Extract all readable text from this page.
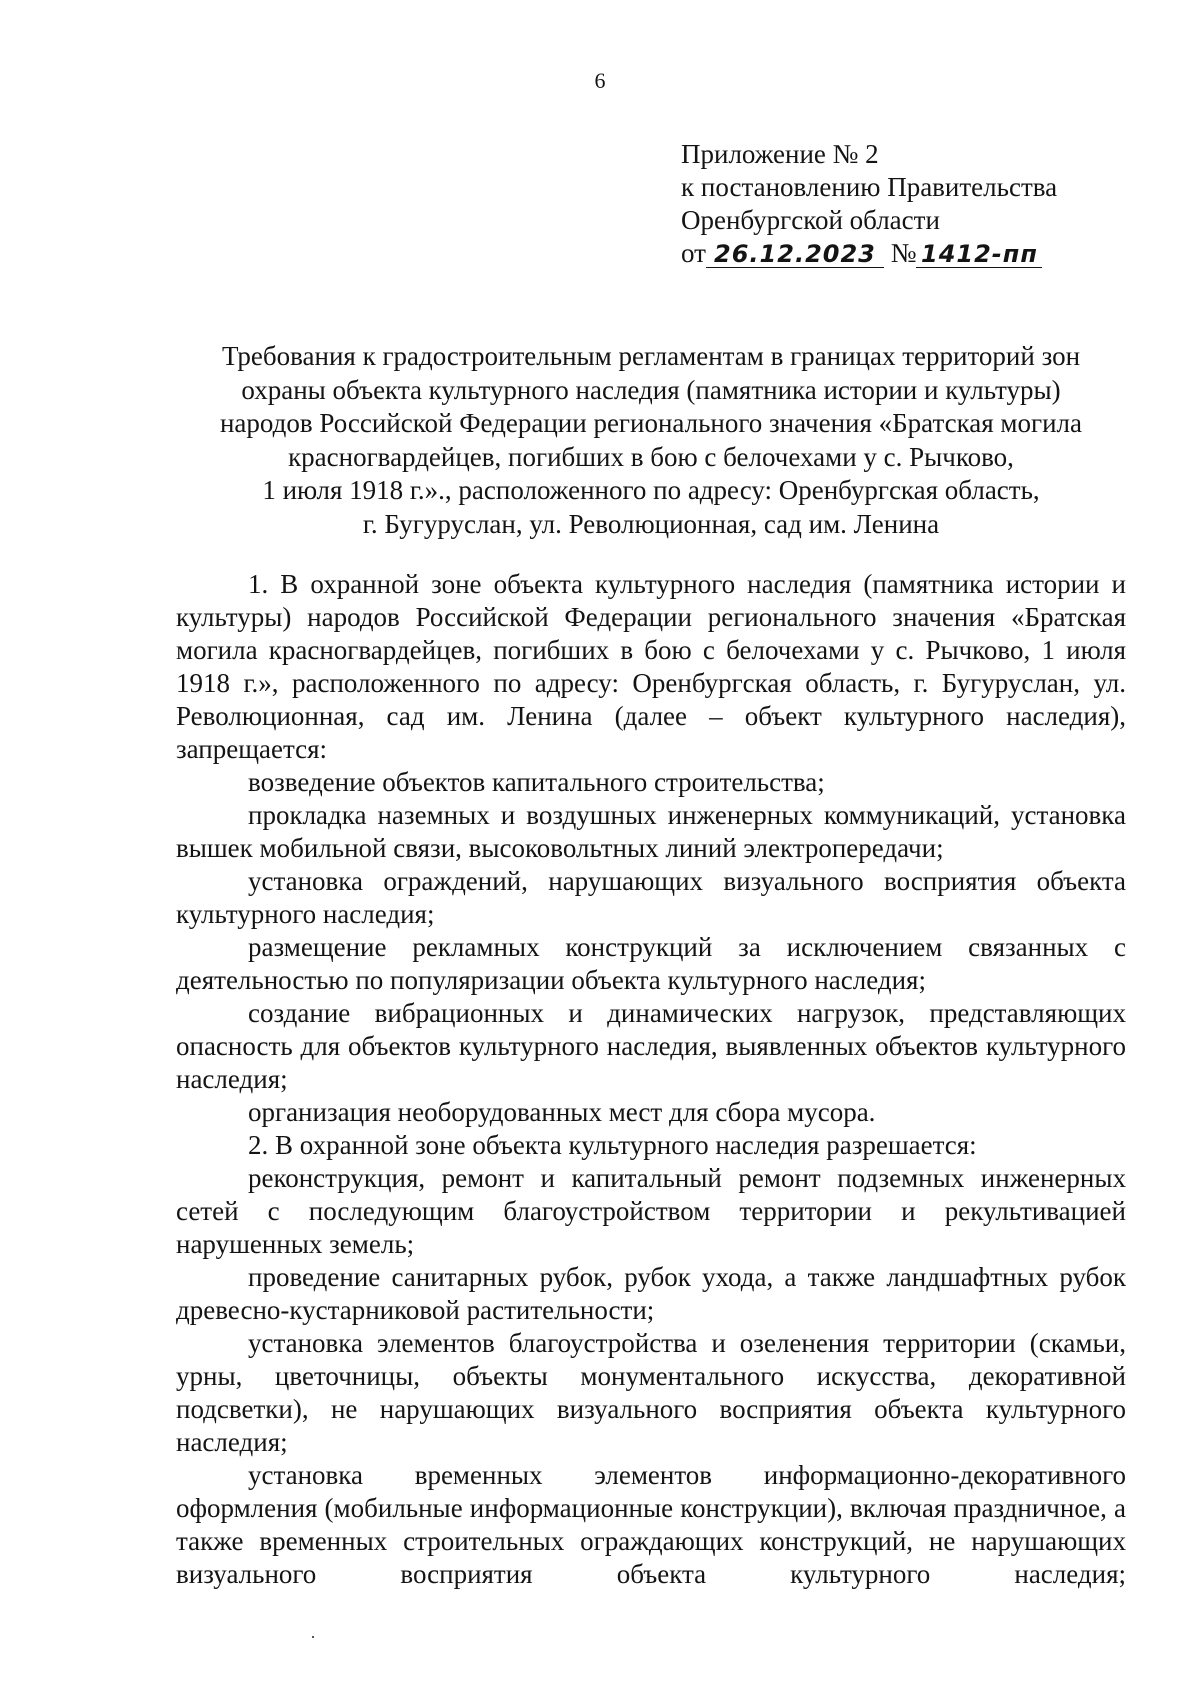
6
Приложение № 2
к постановлению Правительства
Оренбургской области
от 26.12.2023 № 1412-пп
Требования к градостроительным регламентам в границах территорий зон
охраны объекта культурного наследия (памятника истории и культуры)
народов Российской Федерации регионального значения «Братская могила
красногвардейцев, погибших в бою с белочехами у с. Рычково,
1 июля 1918 г.»., расположенного по адресу: Оренбургская область,
г. Бугуруслан, ул. Революционная, сад им. Ленина

1. В охранной зоне объекта культурного наследия (памятника истории и культуры) народов Российской Федерации регионального значения «Братская могила красногвардейцев, погибших в бою с белочехами у с. Рычково, 1 июля 1918 г.», расположенного по адресу: Оренбургская область, г. Бугуруслан, ул. Революционная, сад им. Ленина (далее – объект культурного наследия), запрещается:

возведение объектов капитального строительства;

прокладка наземных и воздушных инженерных коммуникаций, установка вышек мобильной связи, высоковольтных линий электропередачи;

установка ограждений, нарушающих визуального восприятия объекта культурного наследия;

размещение рекламных конструкций за исключением связанных с деятельностью по популяризации объекта культурного наследия;

создание вибрационных и динамических нагрузок, представляющих опасность для объектов культурного наследия, выявленных объектов культурного наследия;

организация необорудованных мест для сбора мусора.

2. В охранной зоне объекта культурного наследия разрешается:

реконструкция, ремонт и капитальный ремонт подземных инженерных сетей с последующим благоустройством территории и рекультивацией нарушенных земель;

проведение санитарных рубок, рубок ухода, а также ландшафтных рубок древесно-кустарниковой растительности;

установка элементов благоустройства и озеленения территории (скамьи, урны, цветочницы, объекты монументального искусства, декоративной подсветки), не нарушающих визуального восприятия объекта культурного наследия;

установка временных элементов информационно-декоративного оформления (мобильные информационные конструкции), включая праздничное, а также временных строительных ограждающих конструкций, не нарушающих визуального восприятия объекта культурного наследия;
